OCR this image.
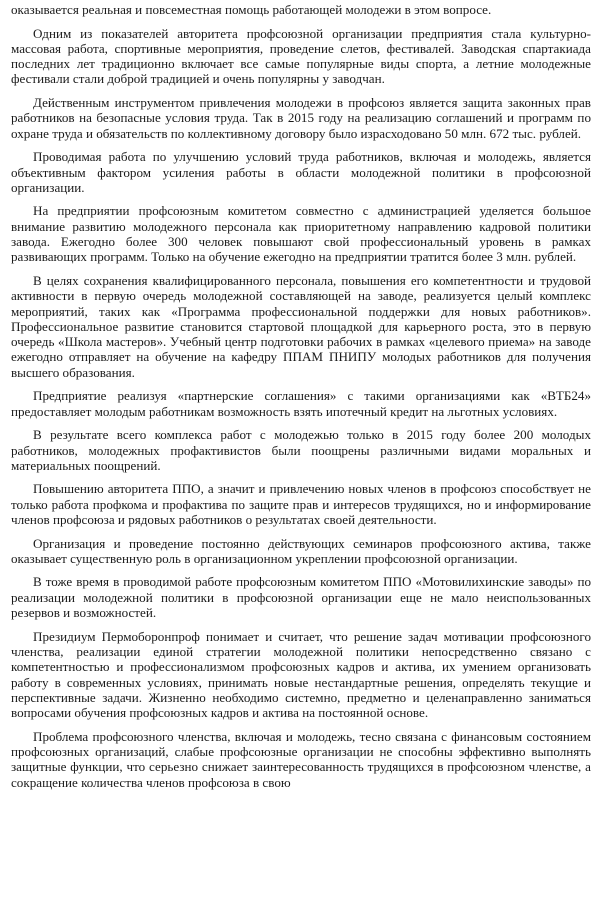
оказывается реальная и повсеместная помощь работающей молодежи в этом вопросе.

Одним из показателей авторитета профсоюзной организации предприятия стала культурно-массовая работа, спортивные мероприятия, проведение слетов, фестивалей. Заводская спартакиада последних лет традиционно включает все самые популярные виды спорта, а летние молодежные фестивали стали доброй традицией и очень популярны у заводчан.

Действенным инструментом привлечения молодежи в профсоюз является защита законных прав работников на безопасные условия труда. Так в 2015 году на реализацию соглашений и программ по охране труда и обязательств по коллективному договору было израсходовано 50 млн. 672 тыс. рублей.

Проводимая работа по улучшению условий труда работников, включая и молодежь, является объективным фактором усиления работы в области молодежной политики в профсоюзной организации.

На предприятии профсоюзным комитетом совместно с администрацией уделяется большое внимание развитию молодежного персонала как приоритетному направлению кадровой политики завода. Ежегодно более 300 человек повышают свой профессиональный уровень в рамках развивающих программ. Только на обучение ежегодно на предприятии тратится более 3 млн. рублей.

В целях сохранения квалифицированного персонала, повышения его компетентности и трудовой активности в первую очередь молодежной составляющей на заводе, реализуется целый комплекс мероприятий, таких как «Программа профессиональной поддержки для новых работников». Профессиональное развитие становится стартовой площадкой для карьерного роста, это в первую очередь «Школа мастеров». Учебный центр подготовки рабочих в рамках «целевого приема» на заводе ежегодно отправляет на обучение на кафедру ППАМ ПНИПУ молодых работников для получения высшего образования.

Предприятие реализуя «партнерские соглашения» с такими организациями как «ВТБ24» предоставляет молодым работникам возможность взять ипотечный кредит на льготных условиях.

В результате всего комплекса работ с молодежью только в 2015 году более 200 молодых работников, молодежных профактивистов были поощрены различными видами моральных и материальных поощрений.

Повышению авторитета ППО, а значит и привлечению новых членов в профсоюз способствует не только работа профкома и профактива по защите прав и интересов трудящихся, но и информирование членов профсоюза и рядовых работников о результатах своей деятельности.

Организация и проведение постоянно действующих семинаров профсоюзного актива, также оказывает существенную роль в организационном укреплении профсоюзной организации.

В тоже время в проводимой работе профсоюзным комитетом ППО «Мотовилихинские заводы» по реализации молодежной политики в профсоюзной организации еще не мало неиспользованных резервов и возможностей.

Президиум Пермоборонпроф понимает и считает, что решение задач мотивации профсоюзного членства, реализации единой стратегии молодежной политики непосредственно связано с компетентностью и профессионализмом профсоюзных кадров и актива, их умением организовать работу в современных условиях, принимать новые нестандартные решения, определять текущие и перспективные задачи. Жизненно необходимо системно, предметно и целенаправленно заниматься вопросами обучения профсоюзных кадров и актива на постоянной основе.

Проблема профсоюзного членства, включая и молодежь, тесно связана с финансовым состоянием профсоюзных организаций, слабые профсоюзные организации не способны эффективно выполнять защитные функции, что серьезно снижает заинтересованность трудящихся в профсоюзном членстве, а сокращение количества членов профсоюза в свою
